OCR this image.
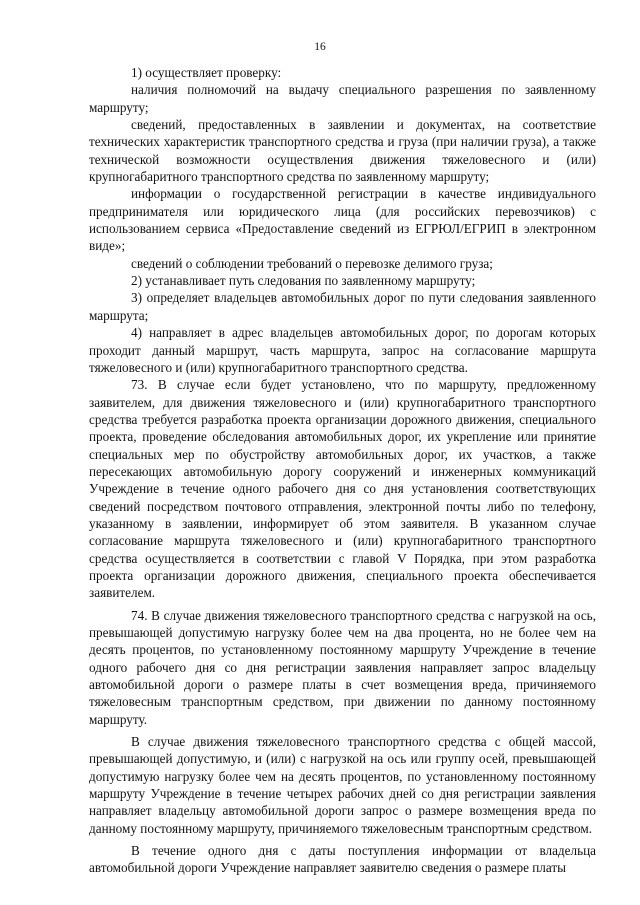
16

1) осуществляет проверку:

наличия полномочий на выдачу специального разрешения по заявленному маршруту;

сведений, предоставленных в заявлении и документах, на соответствие технических характеристик транспортного средства и груза (при наличии груза), а также технической возможности осуществления движения тяжеловесного и (или) крупногабаритного транспортного средства по заявленному маршруту;

информации о государственной регистрации в качестве индивидуального предпринимателя или юридического лица (для российских перевозчиков) с использованием сервиса «Предоставление сведений из ЕГРЮЛ/ЕГРИП в электронном виде»;

сведений о соблюдении требований о перевозке делимого груза;

2) устанавливает путь следования по заявленному маршруту;

3) определяет владельцев автомобильных дорог по пути следования заявленного маршрута;

4) направляет в адрес владельцев автомобильных дорог, по дорогам которых проходит данный маршрут, часть маршрута, запрос на согласование маршрута тяжеловесного и (или) крупногабаритного транспортного средства.

73. В случае если будет установлено, что по маршруту, предложенному заявителем, для движения тяжеловесного и (или) крупногабаритного транспортного средства требуется разработка проекта организации дорожного движения, специального проекта, проведение обследования автомобильных дорог, их укрепление или принятие специальных мер по обустройству автомобильных дорог, их участков, а также пересекающих автомобильную дорогу сооружений и инженерных коммуникаций Учреждение в течение одного рабочего дня со дня установления соответствующих сведений посредством почтового отправления, электронной почты либо по телефону, указанному в заявлении, информирует об этом заявителя. В указанном случае согласование маршрута тяжеловесного и (или) крупногабаритного транспортного средства осуществляется в соответствии с главой V Порядка, при этом разработка проекта организации дорожного движения, специального проекта обеспечивается заявителем.

74. В случае движения тяжеловесного транспортного средства с нагрузкой на ось, превышающей допустимую нагрузку более чем на два процента, но не более чем на десять процентов, по установленному постоянному маршруту Учреждение в течение одного рабочего дня со дня регистрации заявления направляет запрос владельцу автомобильной дороги о размере платы в счет возмещения вреда, причиняемого тяжеловесным транспортным средством, при движении по данному постоянному маршруту.

В случае движения тяжеловесного транспортного средства с общей массой, превышающей допустимую, и (или) с нагрузкой на ось или группу осей, превышающей допустимую нагрузку более чем на десять процентов, по установленному постоянному маршруту Учреждение в течение четырех рабочих дней со дня регистрации заявления направляет владельцу автомобильной дороги запрос о размере возмещения вреда по данному постоянному маршруту, причиняемого тяжеловесным транспортным средством.

В течение одного дня с даты поступления информации от владельца автомобильной дороги Учреждение направляет заявителю сведения о размере платы
